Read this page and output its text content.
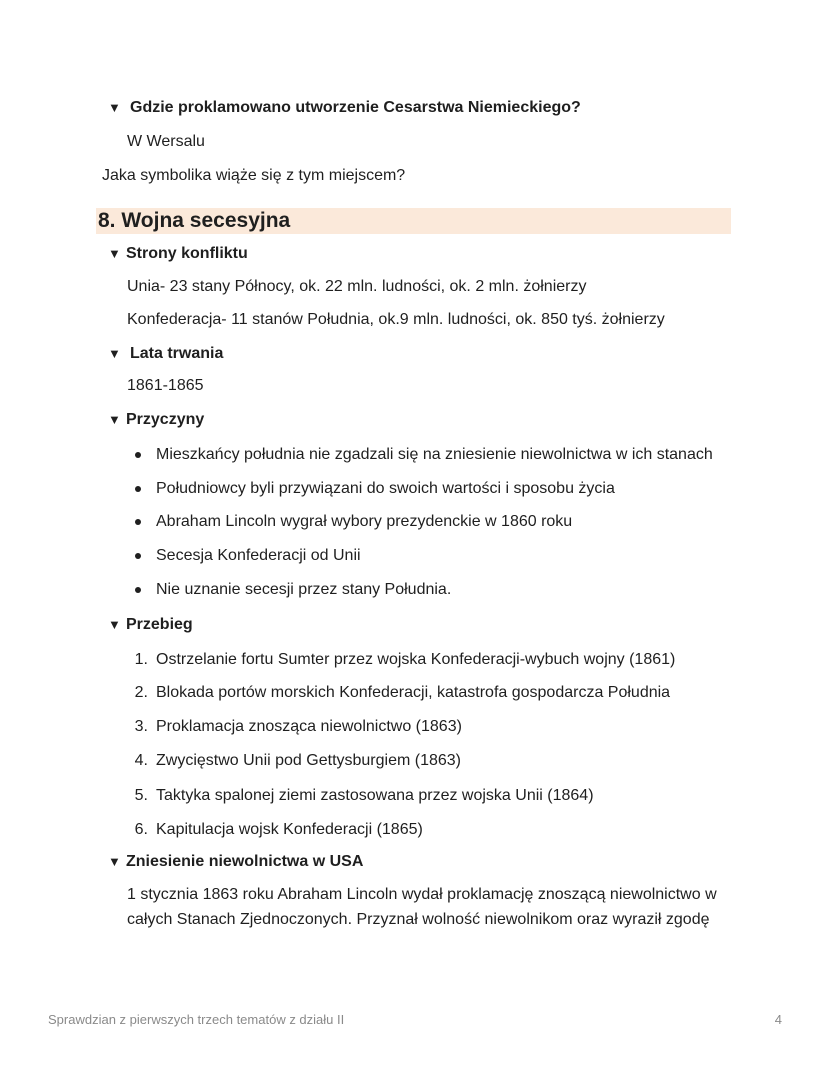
▼ Gdzie proklamowano utworzenie Cesarstwa Niemieckiego?
W Wersalu
Jaka symbolika wiąże się z tym miejscem?
8. Wojna secesyjna
▼ Strony konfliktu
Unia- 23 stany Północy, ok. 22 mln. ludności, ok. 2 mln. żołnierzy
Konfederacja- 11 stanów Południa, ok.9 mln. ludności, ok. 850 tyś. żołnierzy
▼ Lata trwania
1861-1865
▼ Przyczyny
Mieszkańcy południa nie zgadzali się na zniesienie niewolnictwa w ich stanach
Południowcy byli przywiązani do swoich wartości i sposobu życia
Abraham Lincoln wygrał wybory prezydenckie w 1860 roku
Secesja Konfederacji od Unii
Nie uznanie secesji przez stany Południa.
▼ Przebieg
1. Ostrzelanie fortu Sumter przez wojska Konfederacji-wybuch wojny (1861)
2. Blokada portów morskich Konfederacji, katastrofa gospodarcza Południa
3. Proklamacja znosząca niewolnictwo (1863)
4. Zwycięstwo Unii pod Gettysburgiem (1863)
5. Taktyka spalonej ziemi zastosowana przez wojska Unii (1864)
6. Kapitulacja wojsk Konfederacji (1865)
▼ Zniesienie niewolnictwa w USA
1 stycznia 1863 roku Abraham Lincoln wydał proklamację znoszącą niewolnictwo w
całych Stanach Zjednoczonych. Przyznał wolność niewolnikom oraz wyraził zgodę
Sprawdzian z pierwszych trzech tematów z działu II	4
